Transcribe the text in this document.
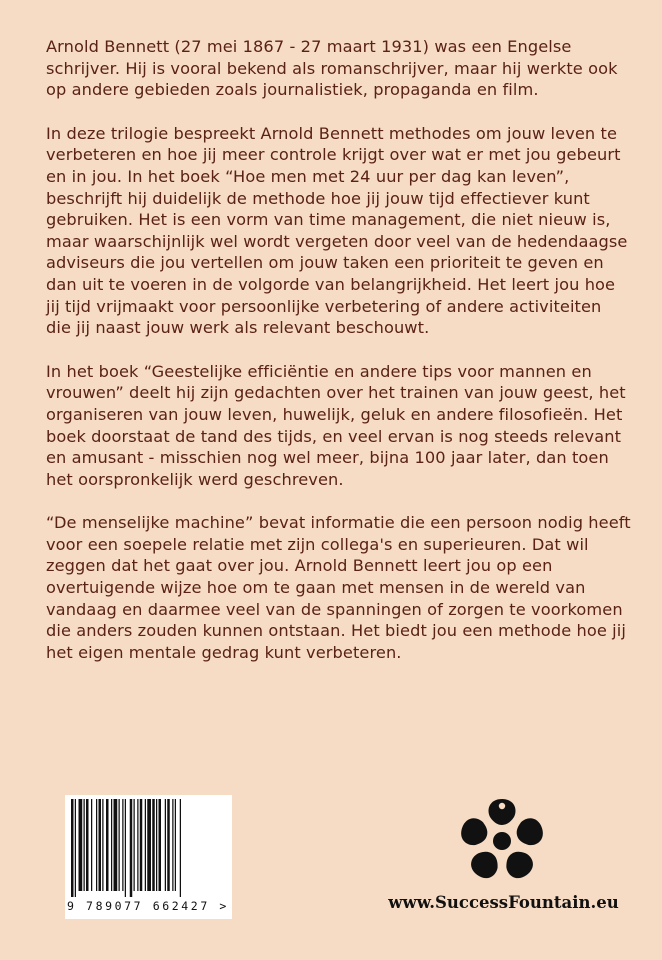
Arnold Bennett (27 mei 1867 - 27 maart 1931) was een Engelse schrijver. Hij is vooral bekend als romanschrijver, maar hij werkte ook op andere gebieden zoals journalistiek, propaganda en film.

In deze trilogie bespreekt Arnold Bennett methodes om jouw leven te verbeteren en hoe jij meer controle krijgt over wat er met jou gebeurt en in jou. In het boek “Hoe men met 24 uur per dag kan leven”, beschrijft hij duidelijk de methode hoe jij jouw tijd effectiever kunt gebruiken. Het is een vorm van time management, die niet nieuw is, maar waarschijnlijk wel wordt vergeten door veel van de hedendaagse adviseurs die jou vertellen om jouw taken een prioriteit te geven en dan uit te voeren in de volgorde van belangrijkheid. Het leert jou hoe jij tijd vrijmaakt voor persoonlijke verbetering of andere activiteiten die jij naast jouw werk als relevant beschouwt.

In het boek “Geestelijke efficiëntie en andere tips voor mannen en vrouwen” deelt hij zijn gedachten over het trainen van jouw geest, het organiseren van jouw leven, huwelijk, geluk en andere filosofieën. Het boek doorstaat de tand des tijds, en veel ervan is nog steeds relevant en amusant - misschien nog wel meer, bijna 100 jaar later, dan toen het oorspronkelijk werd geschreven.

“De menselijke machine” bevat informatie die een persoon nodig heeft voor een soepele relatie met zijn collega's en superieuren. Dat wil zeggen dat het gaat over jou. Arnold Bennett leert jou op een overtuigende wijze hoe om te gaan met mensen in de wereld van vandaag en daarmee veel van de spanningen of zorgen te voorkomen die anders zouden kunnen ontstaan. Het biedt jou een methode hoe jij het eigen mentale gedrag kunt verbeteren.

9 789077 662427 >	www.SuccessFountain.eu
